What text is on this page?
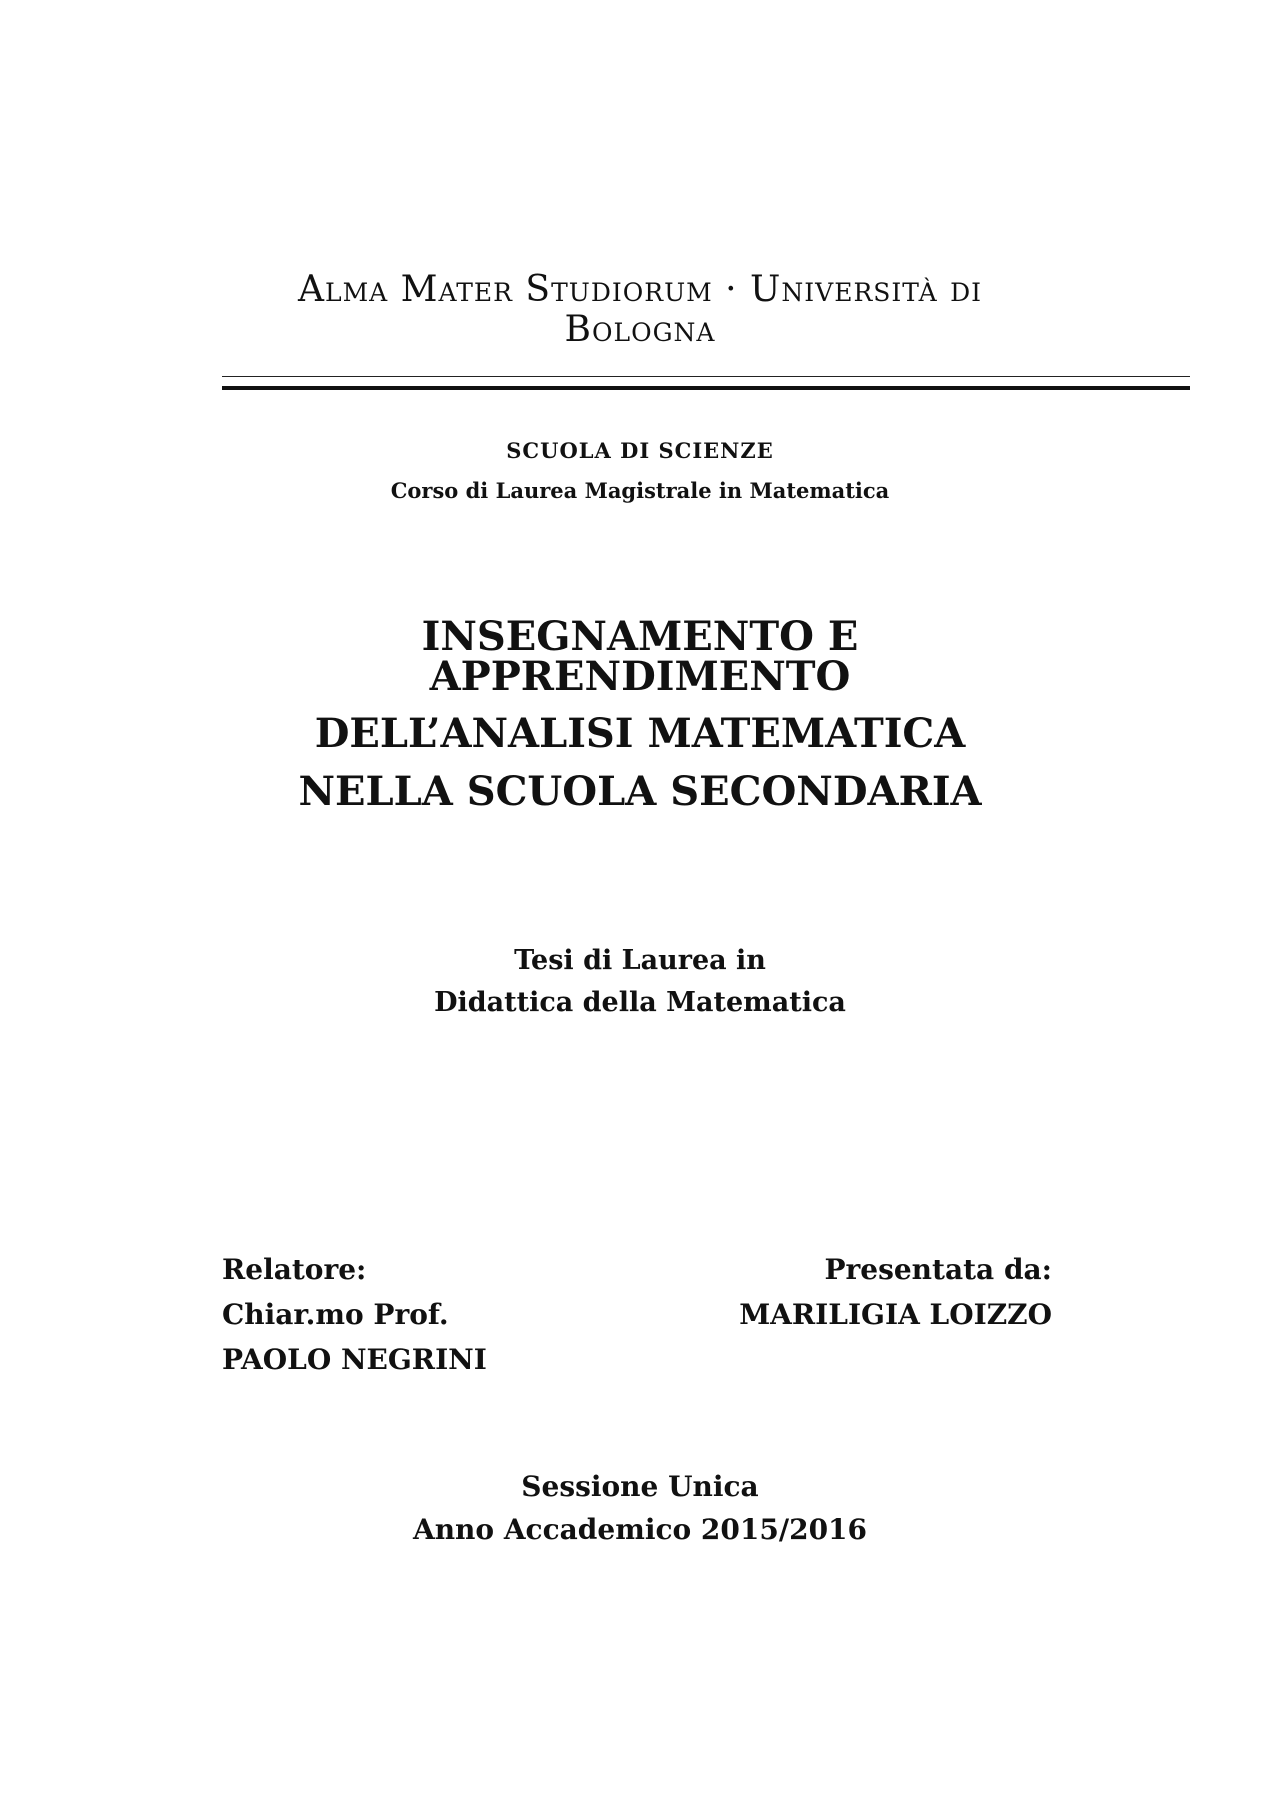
Alma Mater Studiorum · Università di
Bologna
SCUOLA DI SCIENZE
Corso di Laurea Magistrale in Matematica
INSEGNAMENTO E
APPRENDIMENTO
DELL’ANALISI MATEMATICA
NELLA SCUOLA SECONDARIA
Tesi di Laurea in
Didattica della Matematica
Relatore:
Chiar.mo Prof.
PAOLO NEGRINI
Presentata da:
MARILIGIA LOIZZO
Sessione Unica
Anno Accademico 2015/2016
